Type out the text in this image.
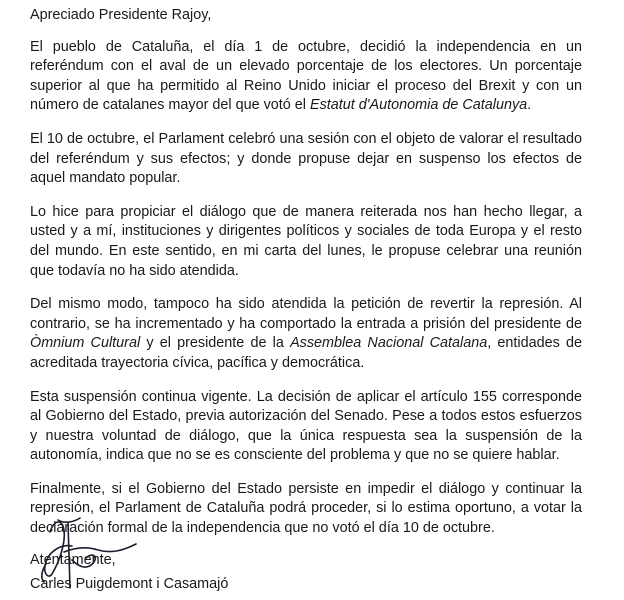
Apreciado Presidente Rajoy,

El pueblo de Cataluña, el día 1 de octubre, decidió la independencia en un referéndum con el aval de un elevado porcentaje de los electores. Un porcentaje superior al que ha permitido al Reino Unido iniciar el proceso del Brexit y con un número de catalanes mayor del que votó el Estatut d'Autonomia de Catalunya.

El 10 de octubre, el Parlament celebró una sesión con el objeto de valorar el resultado del referéndum y sus efectos; y donde propuse dejar en suspenso los efectos de aquel mandato popular.

Lo hice para propiciar el diálogo que de manera reiterada nos han hecho llegar, a usted y a mí, instituciones y dirigentes políticos y sociales de toda Europa y el resto del mundo. En este sentido, en mi carta del lunes, le propuse celebrar una reunión que todavía no ha sido atendida.

Del mismo modo, tampoco ha sido atendida la petición de revertir la represión. Al contrario, se ha incrementado y ha comportado la entrada a prisión del presidente de Òmnium Cultural y el presidente de la Assemblea Nacional Catalana, entidades de acreditada trayectoria cívica, pacífica y democrática.

Esta suspensión continua vigente. La decisión de aplicar el artículo 155 corresponde al Gobierno del Estado, previa autorización del Senado. Pese a todos estos esfuerzos y nuestra voluntad de diálogo, que la única respuesta sea la suspensión de la autonomía, indica que no se es consciente del problema y que no se quiere hablar.

Finalmente, si el Gobierno del Estado persiste en impedir el diálogo y continuar la represión, el Parlament de Cataluña podrá proceder, si lo estima oportuno, a votar la declaración formal de la independencia que no votó el día 10 de octubre.

Atentamente,

Carles Puigdemont i Casamajó
